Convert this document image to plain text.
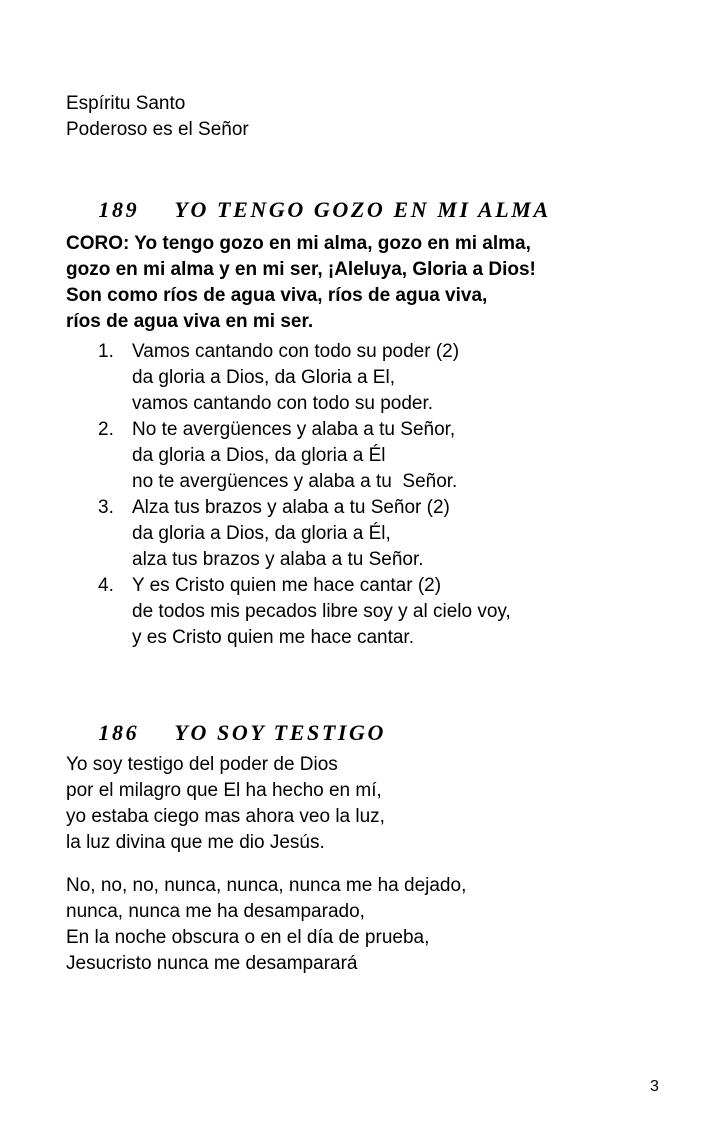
Espíritu Santo
Poderoso es el Señor

189 YO TENGO GOZO EN MI ALMA

CORO: Yo tengo gozo en mi alma, gozo en mi alma,
gozo en mi alma y en mi ser, ¡Aleluya, Gloria a Dios!
Son como ríos de agua viva, ríos de agua viva,
ríos de agua viva en mi ser.
1. Vamos cantando con todo su poder (2)
da gloria a Dios, da Gloria a El,
vamos cantando con todo su poder.
2. No te avergüences y alaba a tu Señor,
da gloria a Dios, da gloria a Él
no te avergüences y alaba a tu  Señor.
3. Alza tus brazos y alaba a tu Señor (2)
da gloria a Dios, da gloria a Él,
alza tus brazos y alaba a tu Señor.
4. Y es Cristo quien me hace cantar (2)
de todos mis pecados libre soy y al cielo voy,
y es Cristo quien me hace cantar.

186 YO SOY TESTIGO

Yo soy testigo del poder de Dios
por el milagro que El ha hecho en mí,
yo estaba ciego mas ahora veo la luz,
la luz divina que me dio Jesús.
No, no, no, nunca, nunca, nunca me ha dejado,
nunca, nunca me ha desamparado,
En la noche obscura o en el día de prueba,
Jesucristo nunca me desamparará
3
